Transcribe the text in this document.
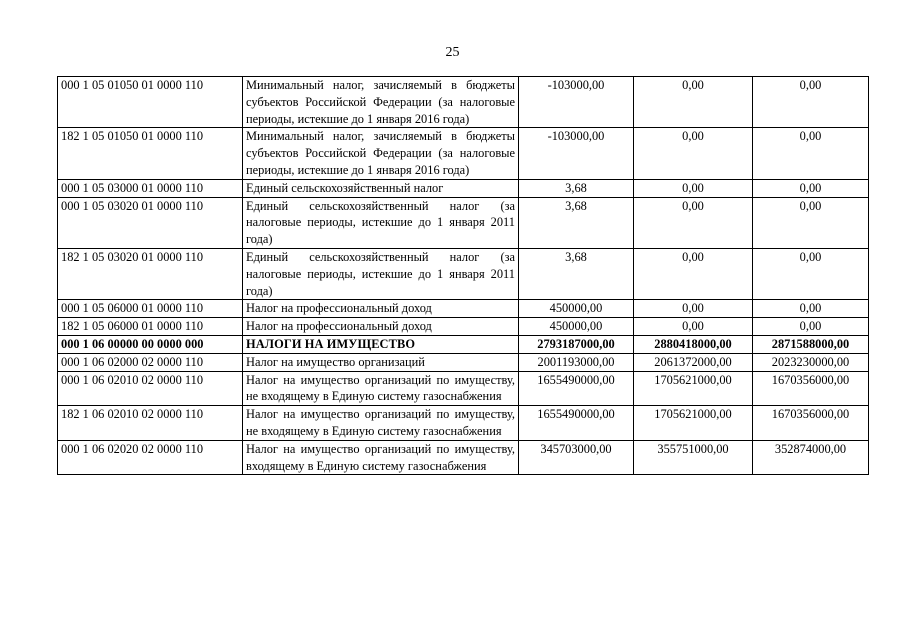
25
000 1 05 01050 01 0000 110	Минимальный налог, зачисляемый в бюджеты субъектов Российской Федерации (за налоговые периоды, истекшие до 1 января 2016 года)	-103000,00	0,00	0,00
182 1 05 01050 01 0000 110	Минимальный налог, зачисляемый в бюджеты субъектов Российской Федерации (за налоговые периоды, истекшие до 1 января 2016 года)	-103000,00	0,00	0,00
000 1 05 03000 01 0000 110	Единый сельскохозяйственный налог	3,68	0,00	0,00
000 1 05 03020 01 0000 110	Единый сельскохозяйственный налог (за налоговые периоды, истекшие до 1 января 2011 года)	3,68	0,00	0,00
182 1 05 03020 01 0000 110	Единый сельскохозяйственный налог (за налоговые периоды, истекшие до 1 января 2011 года)	3,68	0,00	0,00
000 1 05 06000 01 0000 110	Налог на профессиональный доход	450000,00	0,00	0,00
182 1 05 06000 01 0000 110	Налог на профессиональный доход	450000,00	0,00	0,00
000 1 06 00000 00 0000 000	НАЛОГИ НА ИМУЩЕСТВО	2793187000,00	2880418000,00	2871588000,00
000 1 06 02000 02 0000 110	Налог на имущество организаций	2001193000,00	2061372000,00	2023230000,00
000 1 06 02010 02 0000 110	Налог на имущество организаций по имуществу, не входящему в Единую систему газоснабжения	1655490000,00	1705621000,00	1670356000,00
182 1 06 02010 02 0000 110	Налог на имущество организаций по имуществу, не входящему в Единую систему газоснабжения	1655490000,00	1705621000,00	1670356000,00
000 1 06 02020 02 0000 110	Налог на имущество организаций по имуществу, входящему в Единую систему газоснабжения	345703000,00	355751000,00	352874000,00
